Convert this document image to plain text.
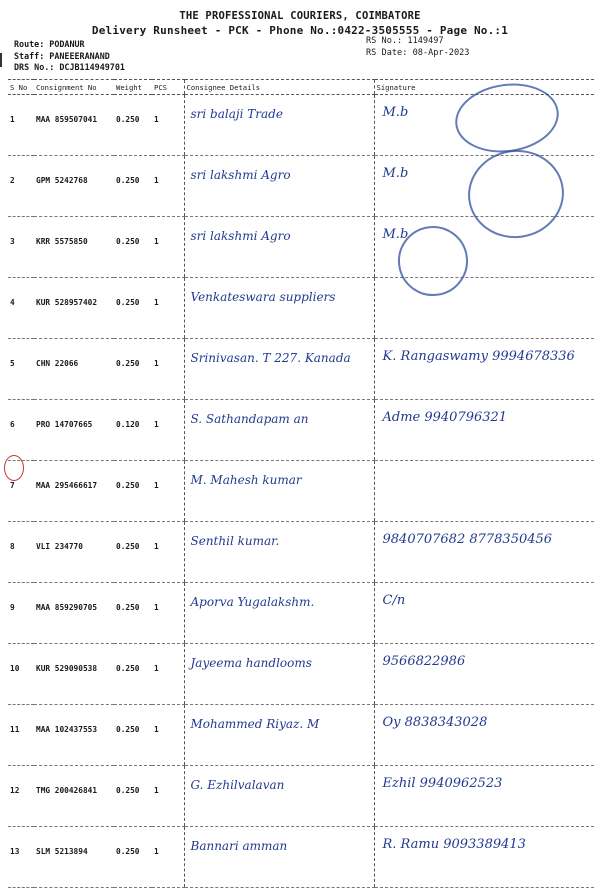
THE PROFESSIONAL COURIERS, COIMBATORE
Delivery Runsheet - PCK - Phone No.:0422-3505555 - Page No.:1
Route: PODANUR
Staff: PANEEERANAND
DRS No.: DCJB114949701
RS No.: 1149497
RS Date: 08-Apr-2023
S No	Consignment No	Weight	PCS	Consignee Details	Signature
1	MAA 859507041	0.250	1	sri balaji Trade	M.b

2	GPM 5242768	0.250	1	sri lakshmi Agro	M.b

3	KRR 5575850	0.250	1	sri lakshmi Agro	M.b

4	KUR 528957402	0.250	1	Venkateswara suppliers	

5	CHN 22066	0.250	1	Srinivasan. T 227. Kanada	K. Rangaswamy 9994678336

6	PRO 14707665	0.120	1	S. Sathandapam an	Adme 9940796321

7	MAA 295466617	0.250	1	M. Mahesh kumar	

8	VLI 234770	0.250	1	Senthil kumar.	9840707682 8778350456

9	MAA 859290705	0.250	1	Aporva Yugalakshm.	C/n

10	KUR 529090538	0.250	1	Jayeema handlooms	9566822986

11	MAA 102437553	0.250	1	Mohammed Riyaz. M	Oy 8838343028

12	TMG 200426841	0.250	1	G. Ezhilvalavan	Ezhil 9940962523

13	SLM 5213894	0.250	1	Bannari amman	R. Ramu 9093389413
